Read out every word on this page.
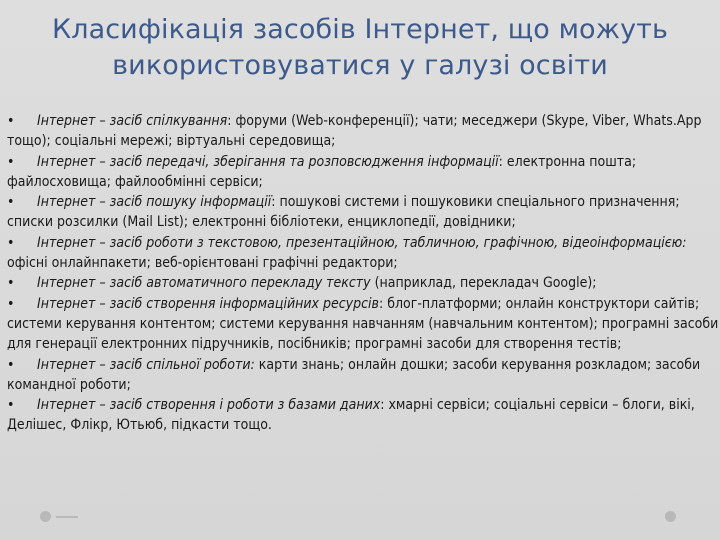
Класифікація засобів Інтернет, що можуть
використовуватися у галузі освіти

• Інтернет – засіб спілкування: форуми (Web-конференції); чати; меседжери (Skype, Viber, Whats.App тощо); соціальні мережі; віртуальні середовища;

• Інтернет – засіб передачі, зберігання та розповсюдження інформації: електронна пошта; файлосховища; файлообмінні сервіси;

• Інтернет – засіб пошуку інформації: пошукові системи і пошуковики спеціального призначення; списки розсилки (Mail List); електронні бібліотеки, енциклопедії, довідники;

• Інтернет – засіб роботи з текстовою, презентаційною, табличною, графічною, відеоінформацією: офісні онлайнпакети; веб-орієнтовані графічні редактори;

• Інтернет – засіб автоматичного перекладу тексту (наприклад, перекладач Google);

• Інтернет – засіб створення інформаційних ресурсів: блог-платформи; онлайн конструктори сайтів; системи керування контентом; системи керування навчанням (навчальним контентом); програмні засоби для генерації електронних підручників, посібників; програмні засоби для створення тестів;

• Інтернет – засіб спільної роботи: карти знань; онлайн дошки; засоби керування розкладом; засоби командної роботи;

• Інтернет – засіб створення і роботи з базами даних: хмарні сервіси; соціальні сервіси – блоги, вікі, Делішес, Флікр, Ютьюб, підкасти тощо.
